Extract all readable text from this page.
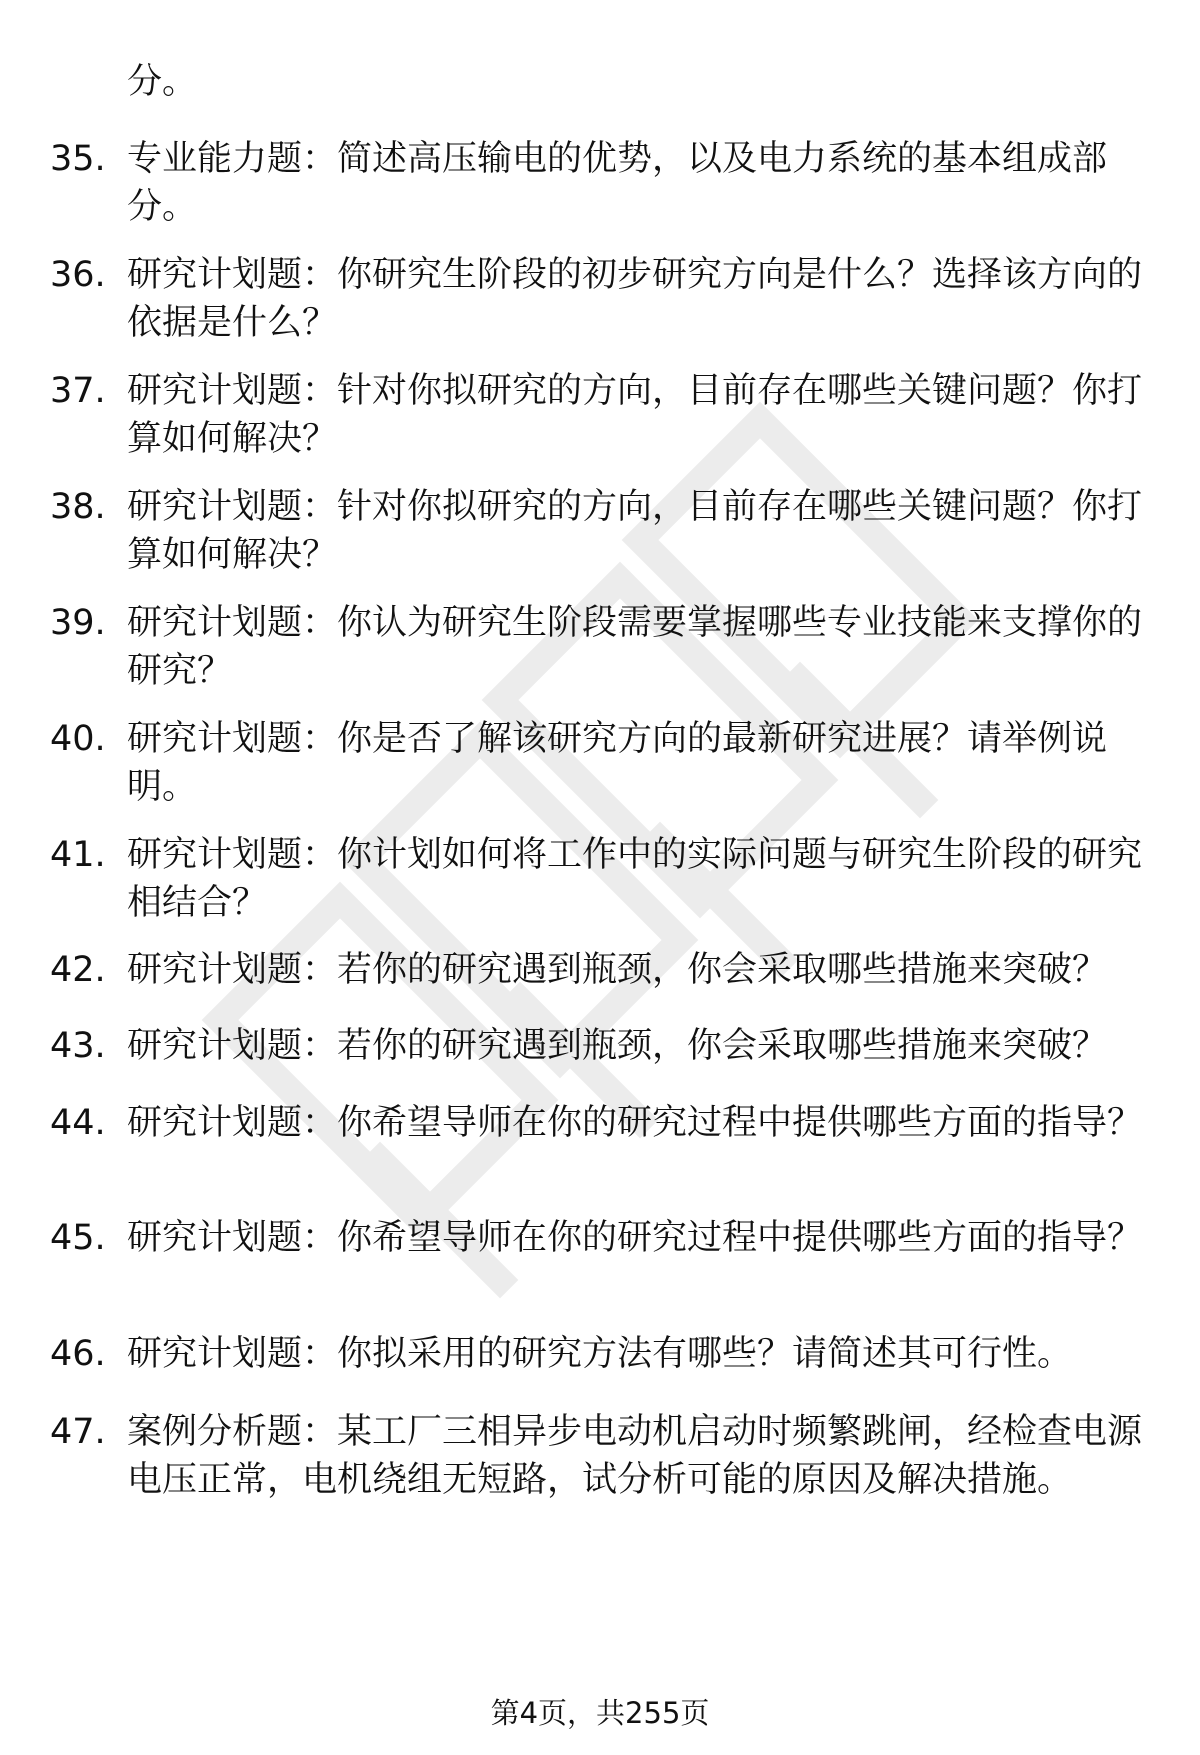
分。
35. 专业能力题：简述高压输电的优势，以及电力系统的基本组成部分。
36. 研究计划题：你研究生阶段的初步研究方向是什么？选择该方向的依据是什么？
37. 研究计划题：针对你拟研究的方向，目前存在哪些关键问题？你打算如何解决？
38. 研究计划题：针对你拟研究的方向，目前存在哪些关键问题？你打算如何解决？
39. 研究计划题：你认为研究生阶段需要掌握哪些专业技能来支撑你的研究？
40. 研究计划题：你是否了解该研究方向的最新研究进展？请举例说明。
41. 研究计划题：你计划如何将工作中的实际问题与研究生阶段的研究相结合？
42. 研究计划题：若你的研究遇到瓶颈，你会采取哪些措施来突破？
43. 研究计划题：若你的研究遇到瓶颈，你会采取哪些措施来突破？
44. 研究计划题：你希望导师在你的研究过程中提供哪些方面的指导？
45. 研究计划题：你希望导师在你的研究过程中提供哪些方面的指导？
46. 研究计划题：你拟采用的研究方法有哪些？请简述其可行性。
47. 案例分析题：某工厂三相异步电动机启动时频繁跳闸，经检查电源电压正常，电机绕组无短路，试分析可能的原因及解决措施。
第4页，共255页
